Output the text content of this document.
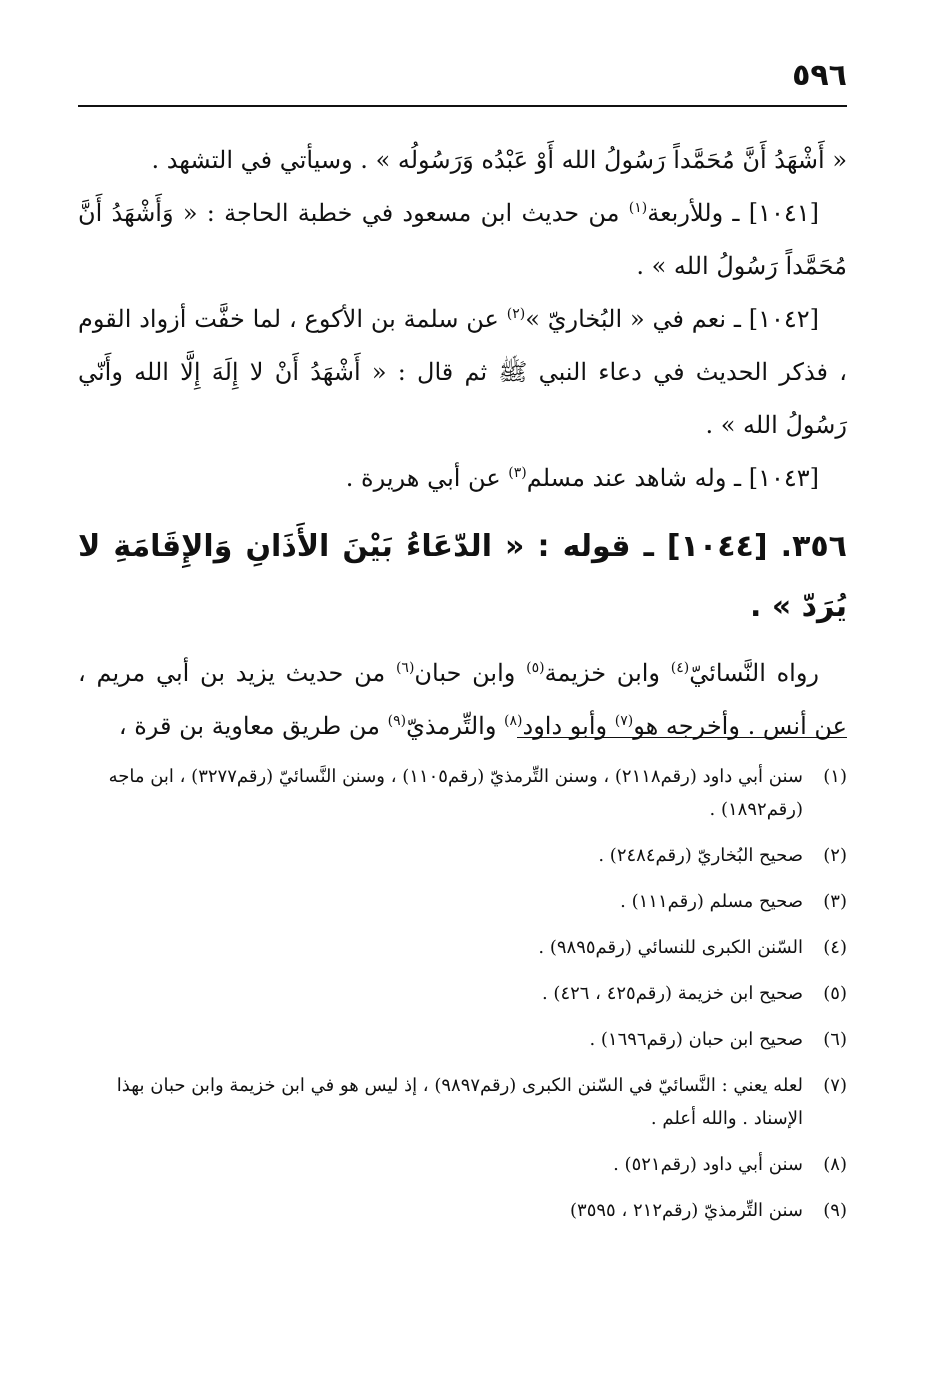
٥٩٦

« أَشْهَدُ أَنَّ مُحَمَّداً رَسُولُ الله أَوْ عَبْدُه وَرَسُولُه » . وسيأتي في التشهد .

[١٠٤١] ـ وللأربعة$^{(١)}$ من حديث ابن مسعود في خطبة الحاجة : « وَأَشْهَدُ أَنَّ مُحَمَّداً رَسُولُ الله » .

[١٠٤٢] ـ نعم في « البُخاريّ »$^{(٢)}$ عن سلمة بن الأكوع ، لما خفَّت أزواد القوم ، فذكر الحديث في دعاء النبي ﷺ ثم قال : « أَشْهَدُ أَنْ لا إِلَهَ إِلَّا الله وأَنّي رَسُولُ الله » .

[١٠٤٣] ـ وله شاهد عند مسلم$^{(٣)}$ عن أبي هريرة .

٣٥٦. [١٠٤٤] ـ قوله : « الدّعَاءُ بَيْنَ الأَذَانِ وَالإِقَامَةِ لا يُرَدّ » .

رواه النَّسائيّ$^{(٤)}$ وابن خزيمة$^{(٥)}$ وابن حبان$^{(٦)}$ من حديث يزيد بن أبي مريم ، عن أنس . وأخرجه هو$^{(٧)}$ وأبو داود$^{(٨)}$ والتِّرمذيّ$^{(٩)}$ من طريق معاوية بن قرة ،

(١)
سنن أبي داود (رقم٢١١٨) ، وسنن التِّرمذيّ (رقم١١٠٥) ، وسنن النَّسائيّ (رقم٣٢٧٧) ، ابن ماجه (رقم١٨٩٢) .
(٢)
صحيح البُخاريّ (رقم٢٤٨٤) .
(٣)
صحيح مسلم (رقم١١١) .
(٤)
السّنن الكبرى للنسائي (رقم٩٨٩٥) .
(٥)
صحيح ابن خزيمة (رقم٤٢٥ ، ٤٢٦) .
(٦)
صحيح ابن حبان (رقم١٦٩٦) .
(٧)
لعله يعني : النَّسائيّ في السّنن الكبرى (رقم٩٨٩٧) ، إذ ليس هو في ابن خزيمة وابن حبان بهذا الإسناد . والله أعلم .
(٨)
سنن أبي داود (رقم٥٢١) .
(٩)
سنن التِّرمذيّ (رقم٢١٢ ، ٣٥٩٥)
